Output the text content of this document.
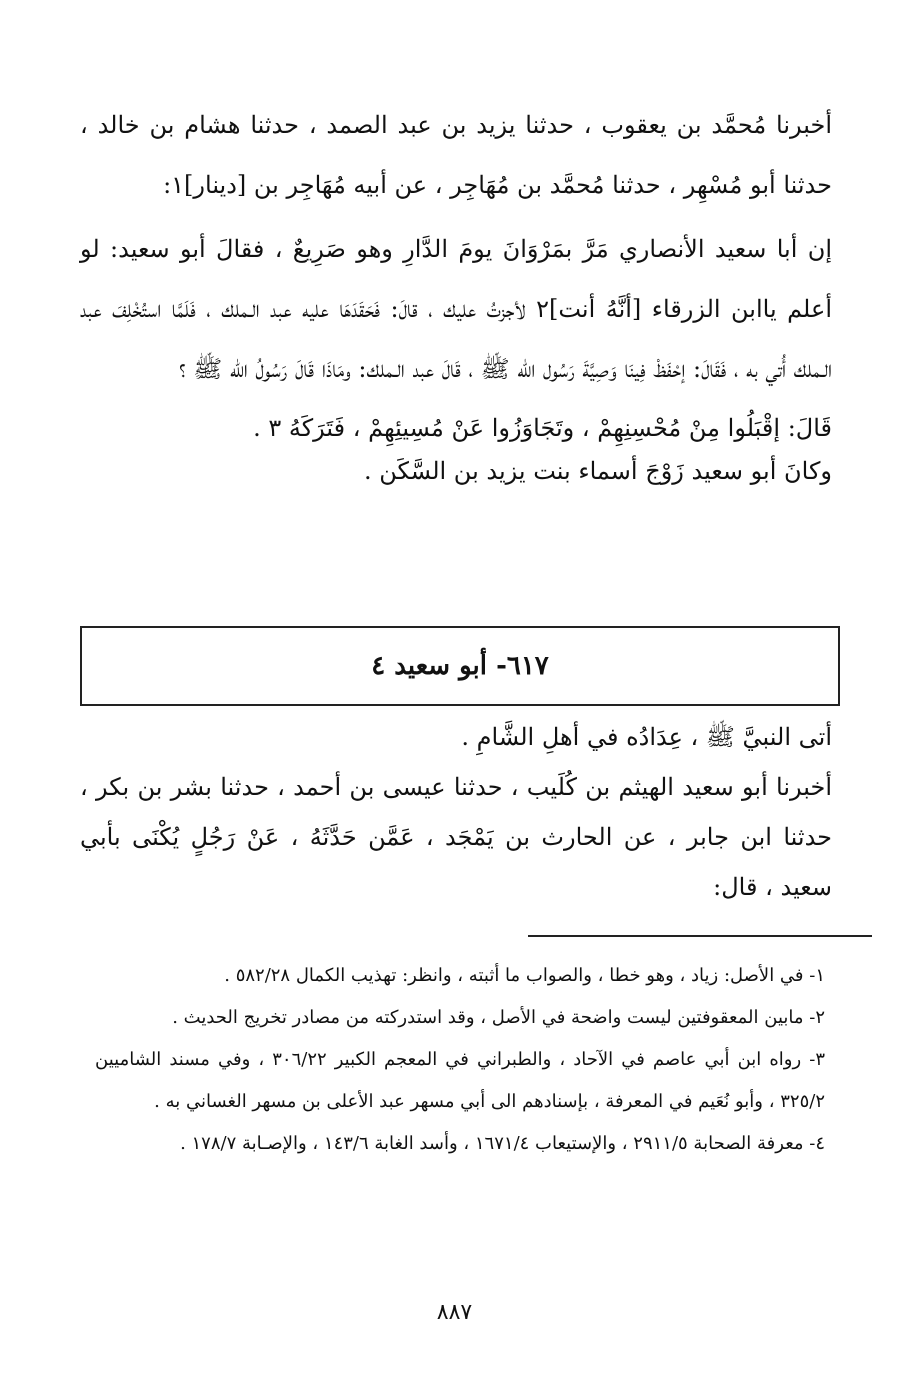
أخبرنا مُحمَّد بن يعقوب ، حدثنا يزيد بن عبد الصمد ، حدثنا هشام بن خالد ، حدثنا أبو مُسْهِر ، حدثنا مُحمَّد بن مُهَاجِر ، عن أبيه مُهَاجِر بن [دينار]١:

إن أبا سعيد الأنصاري مَرَّ بمَرْوَانَ يومَ الدَّارِ وهو صَرِيعٌ ، فقالَ أبو سعيد: لو أعلم ياابن الزرقاء [أنَّهُ أنت]٢ لأجزتُ عليك ، قالَ: فَحَقَدَهَا عليه عبد الـملك ، فَلَمَّا استُخْلِفَ عبد الـملك أُتي به ، فَقَالَ: إحْفَظْ فِينَا وَصِيَّةَ رَسُول الله ﷺ ، قَالَ عبد الـملك: ومَاذَا قَالَ رَسُولُ الله ﷺ ؟

قَالَ: إقْبَلُوا مِنْ مُحْسِنِهِمْ ، وتَجَاوَزُوا عَنْ مُسِيئِهِمْ ، فَتَرَكَهُ ٣ .

وكانَ أبو سعيد زَوْجَ أسماء بنت يزيد بن السَّكَن .

٦١٧- أبو سعيد ٤

أتى النبيَّ ﷺ ، عِدَادُه في أهلِ الشَّامِ .

أخبرنا أبو سعيد الهيثم بن كُلَيب ، حدثنا عيسى بن أحمد ، حدثنا بشر بن بكر ، حدثنا ابن جابر ، عن الحارث بن يَمْجَد ، عَمَّن حَدَّثَهُ ، عَنْ رَجُلٍ يُكْنَى بأبي سعيد ، قال:

١- في الأصل: زياد ، وهو خطا ، والصواب ما أثبته ، وانظر: تهذيب الكمال ٥٨٢/٢٨ .

٢- مابين المعقوفتين ليست واضحة في الأصل ، وقد استدركته من مصادر تخريج الحديث .

٣- رواه ابن أبي عاصم في الآحاد ، والطبراني في المعجم الكبير ٣٠٦/٢٢ ، وفي مسند الشاميين ٣٢٥/٢ ، وأبو نُعَيم في المعرفة ، بإسنادهم الى أبي مسهر عبد الأعلى بن مسهر الغساني به .

٤- معرفة الصحابة ٢٩١١/٥ ، والإستيعاب ١٦٧١/٤ ، وأسد الغابة ١٤٣/٦ ، والإصـابة ١٧٨/٧ .

٨٨٧
